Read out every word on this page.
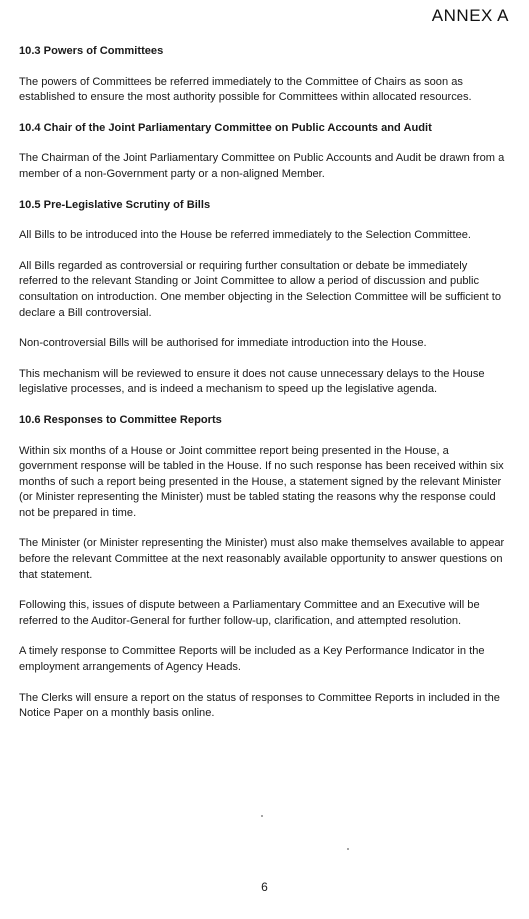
ANNEX A
10.3 Powers of Committees

The powers of Committees be referred immediately to the Committee of Chairs as soon as established to ensure the most authority possible for Committees within allocated resources.

10.4 Chair of the Joint Parliamentary Committee on Public Accounts and Audit

The Chairman of the Joint Parliamentary Committee on Public Accounts and Audit be drawn from a member of a non-Government party or a non-aligned Member.

10.5 Pre-Legislative Scrutiny of Bills

All Bills to be introduced into the House be referred immediately to the Selection Committee.

All Bills regarded as controversial or requiring further consultation or debate be immediately referred to the relevant Standing or Joint Committee to allow a period of discussion and public consultation on introduction. One member objecting in the Selection Committee will be sufficient to declare a Bill controversial.

Non-controversial Bills will be authorised for immediate introduction into the House.

This mechanism will be reviewed to ensure it does not cause unnecessary delays to the House legislative processes, and is indeed a mechanism to speed up the legislative agenda.

10.6 Responses to Committee Reports

Within six months of a House or Joint committee report being presented in the House, a government response will be tabled in the House. If no such response has been received within six months of such a report being presented in the House, a statement signed by the relevant Minister (or Minister representing the Minister) must be tabled stating the reasons why the response could not be prepared in time.

The Minister (or Minister representing the Minister) must also make themselves available to appear before the relevant Committee at the next reasonably available opportunity to answer questions on that statement.

Following this, issues of dispute between a Parliamentary Committee and an Executive will be referred to the Auditor-General for further follow-up, clarification, and attempted resolution.

A timely response to Committee Reports will be included as a Key Performance Indicator in the employment arrangements of Agency Heads.

The Clerks will ensure a report on the status of responses to Committee Reports in included in the Notice Paper on a monthly basis online.

6
